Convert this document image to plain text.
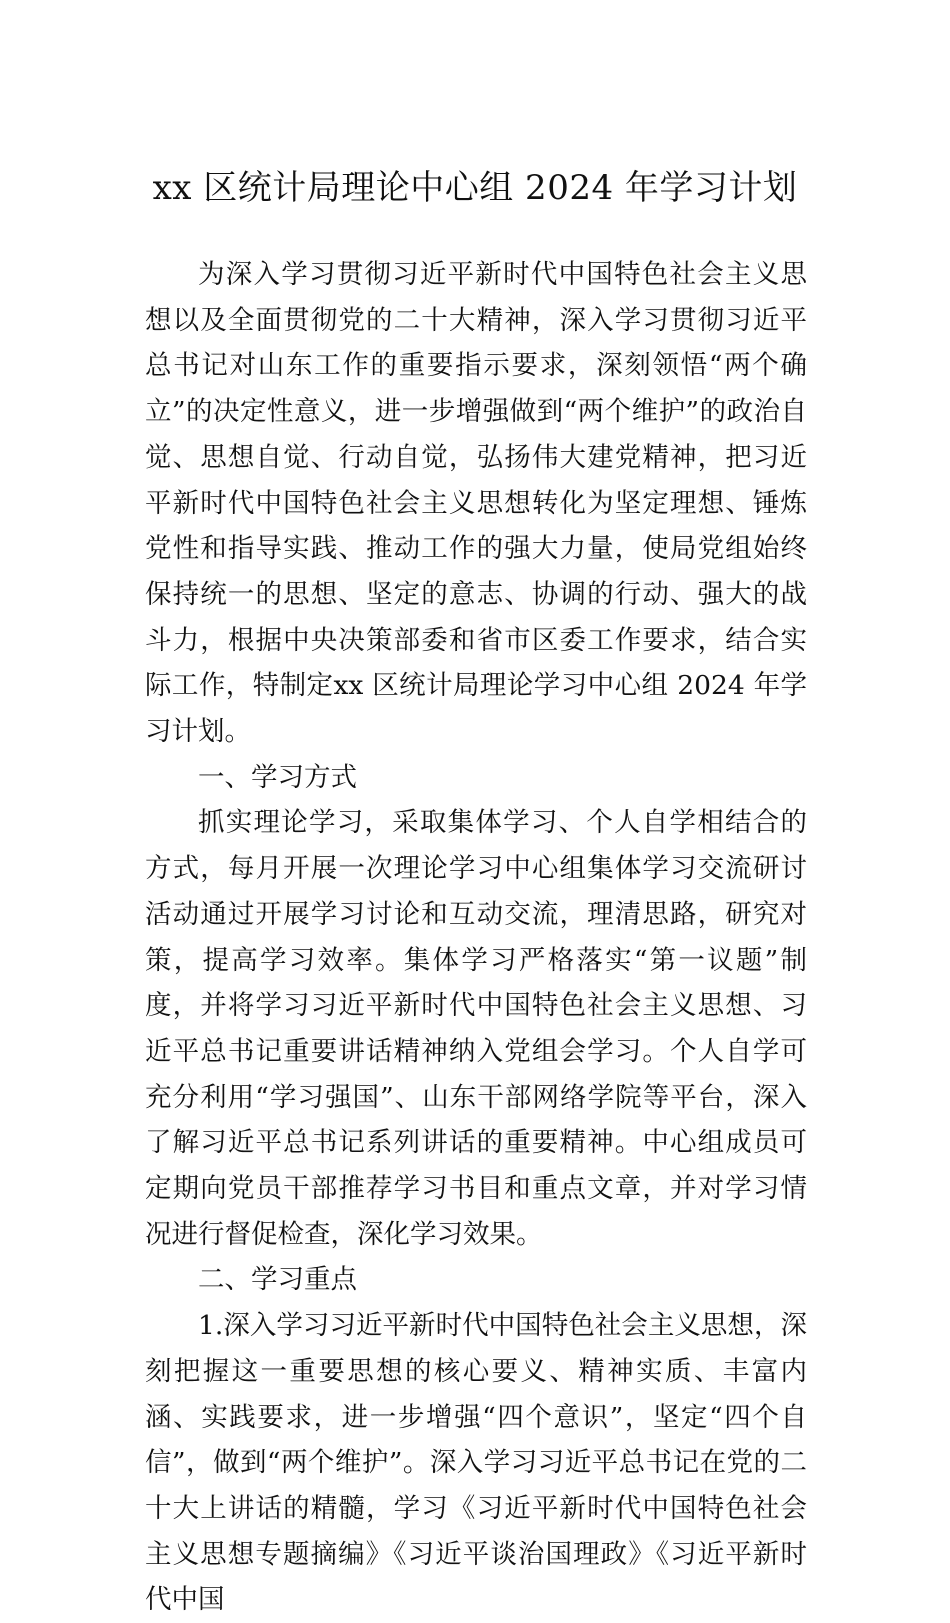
xx 区统计局理论中心组 2024 年学习计划

为深入学习贯彻习近平新时代中国特色社会主义思想以及全面贯彻党的二十大精神，深入学习贯彻习近平总书记对山东工作的重要指示要求，深刻领悟“两个确立”的决定性意义，进一步增强做到“两个维护”的政治自觉、思想自觉、行动自觉，弘扬伟大建党精神，把习近平新时代中国特色社会主义思想转化为坚定理想、锤炼党性和指导实践、推动工作的强大力量，使局党组始终保持统一的思想、坚定的意志、协调的行动、强大的战斗力，根据中央决策部委和省市区委工作要求，结合实际工作，特制定xx 区统计局理论学习中心组 2024 年学习计划。

一、学习方式

抓实理论学习，采取集体学习、个人自学相结合的方式，每月开展一次理论学习中心组集体学习交流研讨活动通过开展学习讨论和互动交流，理清思路，研究对策，提高学习效率。集体学习严格落实“第一议题”制度，并将学习习近平新时代中国特色社会主义思想、习近平总书记重要讲话精神纳入党组会学习。个人自学可充分利用“学习强国”、山东干部网络学院等平台，深入了解习近平总书记系列讲话的重要精神。中心组成员可定期向党员干部推荐学习书目和重点文章，并对学习情况进行督促检查，深化学习效果。

二、学习重点

1.深入学习习近平新时代中国特色社会主义思想，深刻把握这一重要思想的核心要义、精神实质、丰富内涵、实践要求，进一步增强“四个意识”，坚定“四个自信”，做到“两个维护”。深入学习习近平总书记在党的二十大上讲话的精髓，学习《习近平新时代中国特色社会主义思想专题摘编》《习近平谈治国理政》《习近平新时代中国
